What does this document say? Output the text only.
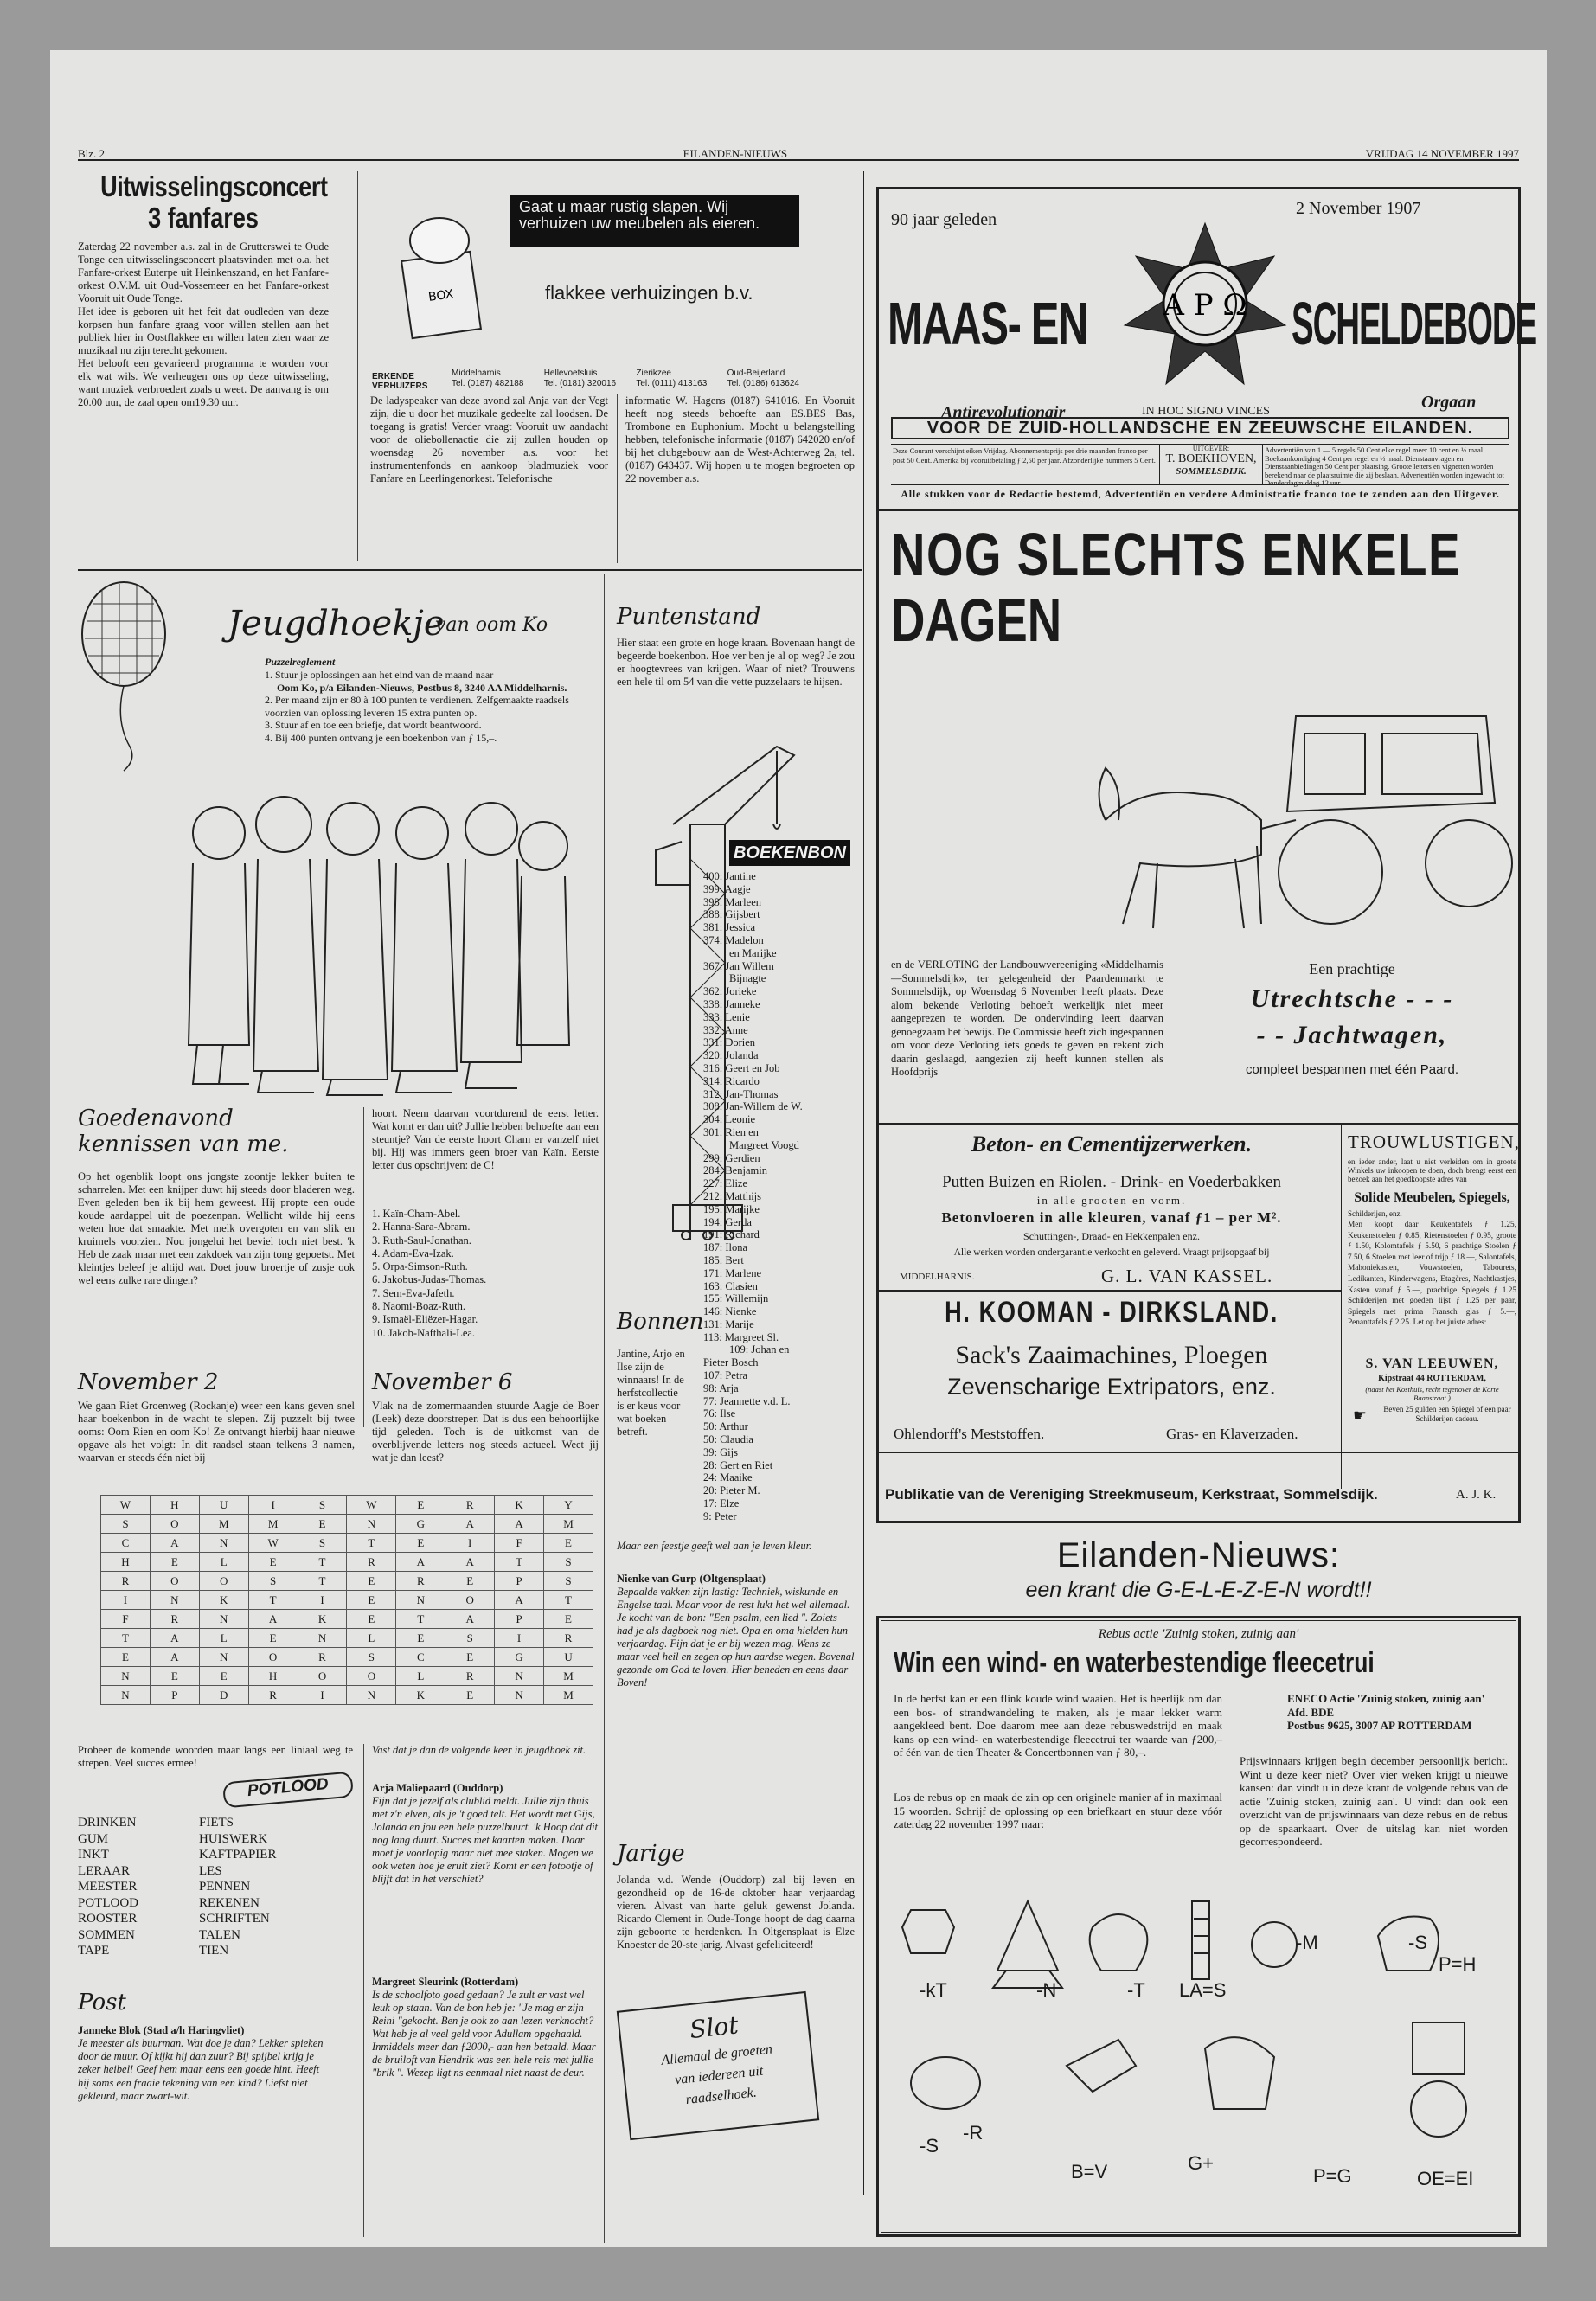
Blz. 2	EILANDEN-NIEUWS	VRIJDAG 14 NOVEMBER 1997
Uitwisselingsconcert
3 fanfares
Zaterdag 22 november a.s. zal in de Grutterswei te Oude Tonge een uitwisselingsconcert plaatsvinden met o.a. het Fanfare-orkest Euterpe uit Heinkenszand, en het Fanfare-orkest O.V.M. uit Oud-Vossemeer en het Fanfare-orkest Vooruit uit Oude Tonge.
Het idee is geboren uit het feit dat oudleden van deze korpsen hun fanfare graag voor willen stellen aan het publiek hier in Oostflakkee en willen laten zien waar ze muzikaal nu zijn terecht gekomen.
Het belooft een gevarieerd programma te worden voor elk wat wils. We verheugen ons op deze uitwisseling, want muziek verbroedert zoals u weet. De aanvang is om 20.00 uur, de zaal open om19.30 uur.
BOX
Gaat u maar rustig slapen. Wij verhuizen uw meubelen als eieren.
flakkee verhuizingen b.v.
ERKENDE VERHUIZERS
Middelharnis
Tel. (0187) 482188
Hellevoetsluis
Tel. (0181) 320016
Zierikzee
Tel. (0111) 413163
Oud-Beijerland
Tel. (0186) 613624
De ladyspeaker van deze avond zal Anja van der Vegt zijn, die u door het muzikale gedeelte zal loodsen. De toegang is gratis! Verder vraagt Vooruit uw aandacht voor de oliebollenactie die zij zullen houden op woensdag 26 november a.s. voor het instrumentenfonds en aankoop bladmuziek voor Fanfare en Leerlingenorkest. Telefonische
informatie W. Hagens (0187) 641016. En Vooruit heeft nog steeds behoefte aan ES.BES Bas, Trombone en Euphonium. Mocht u belangstelling hebben, telefonische informatie (0187) 642020 en/of bij het clubgebouw aan de West-Achterweg 2a, tel. (0187) 643437. Wij hopen u te mogen begroeten op 22 november a.s.
Jeugdhoekje
van oom Ko
Puzzelreglement
1. Stuur je oplossingen aan het eind van de maand naar
Oom Ko, p/a Eilanden-Nieuws, Postbus 8, 3240 AA Middelharnis.
2. Per maand zijn er 80 à 100 punten te verdienen. Zelfgemaakte raadsels voorzien van oplossing leveren 15 extra punten op.
3. Stuur af en toe een briefje, dat wordt beantwoord.
4. Bij 400 punten ontvang je een boekenbon van ƒ 15,–.
Puntenstand
Hier staat een grote en hoge kraan. Bovenaan hangt de begeerde boekenbon. Hoe ver ben je al op weg? Je zou er hoogtevrees van krijgen. Waar of niet? Trouwens een hele til om 54 van die vette puzzelaars te hijsen.
BOEKENBON
400: Jantine
399: Aagje
398: Marleen
388: Gijsbert
381: Jessica
374: Madelon
en Marijke
367: Jan Willem
Bijnagte
362: Jorieke
338: Janneke
333: Lenie
332: Anne
331: Dorien
320: Jolanda
316: Geert en Job
314: Ricardo
312: Jan-Thomas
308: Jan-Willem de W.
304: Leonie
301: Rien en
Margreet Voogd
299: Gerdien
284: Benjamin
227: Elize
212: Matthijs
195: Marijke
194: Gerda
191: Richard
187: Ilona
185: Bert
171: Marlene
163: Clasien
155: Willemijn
146: Nienke
131: Marije
113: Margreet Sl.
109: Johan en
Pieter Bosch
107: Petra
98: Arja
77: Jeannette v.d. L.
76: Ilse
50: Arthur
50: Claudia
39: Gijs
28: Gert en Riet
24: Maaike
20: Pieter M.
17: Elze
9: Peter
Maar een feestje geeft wel aan je leven kleur.
Goedenavond
kennissen van me.
Op het ogenblik loopt ons jongste zoontje lekker buiten te scharrelen. Met een knijper duwt hij steeds door bladeren weg. Even geleden ben ik bij hem geweest. Hij propte een oude koude aardappel uit de poezenpan. Wellicht wilde hij eens weten hoe dat smaakte. Met melk overgoten en van slik en kruimels voorzien. Nou jongelui het beviel toch niet best. 'k Heb de zaak maar met een zakdoek van zijn tong gepoetst. Met kleintjes beleef je altijd wat. Doet jouw broertje of zusje ook wel eens zulke rare dingen?
hoort. Neem daarvan voortdurend de eerst letter. Wat komt er dan uit? Jullie hebben behoefte aan een steuntje? Van de eerste hoort Cham er vanzelf niet bij. Hij was immers geen broer van Kaïn. Eerste letter dus opschrijven: de C!
1. Kaïn-Cham-Abel.
2. Hanna-Sara-Abram.
3. Ruth-Saul-Jonathan.
4. Adam-Eva-Izak.
5. Orpa-Simson-Ruth.
6. Jakobus-Judas-Thomas.
7. Sem-Eva-Jafeth.
8. Naomi-Boaz-Ruth.
9. Ismaël-Eliëzer-Hagar.
10. Jakob-Nafthali-Lea.
November 2
We gaan Riet Groenweg (Rockanje) weer een kans geven snel haar boekenbon in de wacht te slepen. Zij puzzelt bij twee ooms: Oom Rien en oom Ko! Ze ontvangt hierbij haar nieuwe opgave als het volgt: In dit raadsel staan telkens 3 namen, waarvan er steeds één niet bij
November 6
Vlak na de zomermaanden stuurde Aagje de Boer (Leek) deze doorstreper. Dat is dus een behoorlijke tijd geleden. Toch is de uitkomst van de overblijvende letters nog steeds actueel. Weet jij wat je dan leest?
W	H	U	I	S	W	E	R	K	Y
S	O	M	M	E	N	G	A	A	M
C	A	N	W	S	T	E	I	F	E
H	E	L	E	T	R	A	A	T	S
R	O	O	S	T	E	R	E	P	S
I	N	K	T	I	E	N	O	A	T
F	R	N	A	K	E	T	A	P	E
T	A	L	E	N	L	E	S	I	R
E	A	N	O	R	S	C	E	G	U
N	E	E	H	O	O	L	R	N	M
N	P	D	R	I	N	K	E	N	M
Probeer de komende woorden maar langs een liniaal weg te strepen. Veel succes ermee!
POTLOOD
DRINKEN
GUM
INKT
LERAAR
MEESTER
POTLOOD
ROOSTER
SOMMEN
TAPE
FIETS
HUISWERK
KAFTPAPIER
LES
PENNEN
REKENEN
SCHRIFTEN
TALEN
TIEN
Post
Janneke Blok (Stad a/h Haringvliet)
Je meester als buurman. Wat doe je dan? Lekker spieken door de muur. Of kijkt hij dan zuur? Bij spijbel krijg je zeker heibel! Geef hem maar eens een goede hint. Heeft hij soms een fraaie tekening van een kind? Liefst niet gekleurd, maar zwart-wit.
Vast dat je dan de volgende keer in jeugdhoek zit.
Arja Maliepaard (Ouddorp)
Fijn dat je jezelf als clublid meldt. Jullie zijn thuis met z'n elven, als je 't goed telt. Het wordt met Gijs, Jolanda en jou een hele puzzelbuurt. 'k Hoop dat dit nog lang duurt. Succes met kaarten maken. Daar moet je voorlopig maar niet mee staken. Mogen we ook weten hoe je eruit ziet? Komt er een fotootje of blijft dat in het verschiet?
Margreet Sleurink (Rotterdam)
Is de schoolfoto goed gedaan? Je zult er vast wel leuk op staan. Van de bon heb je: "Je mag er zijn Reini "gekocht. Ben je ook zo aan lezen verknocht? Wat heb je al veel geld voor Adullam opgehaald. Inmiddels meer dan ƒ2000,- aan hen betaald. Maar de bruiloft van Hendrik was een hele reis met jullie "brik ". Wezep ligt ns eenmaal niet naast de deur.
Bonnen
Jantine, Arjo en Ilse zijn de winnaars! In de herfstcollectie is er keus voor wat boeken betreft.
Nienke van Gurp (Oltgensplaat)
Bepaalde vakken zijn lastig: Techniek, wiskunde en Engelse taal. Maar voor de rest lukt het wel allemaal. Je kocht van de bon: "Een psalm, een lied ". Zoiets had je als dagboek nog niet. Opa en oma hielden hun verjaardag. Fijn dat je er bij wezen mag. Wens ze maar veel heil en zegen op hun aardse wegen. Bovenal gezonde om God te loven. Hier beneden en eens daar Boven!
Jarige
Jolanda v.d. Wende (Ouddorp) zal bij leven en gezondheid op de 16-de oktober haar verjaardag vieren. Alvast van harte geluk gewenst Jolanda. Ricardo Clement in Oude-Tonge hoopt de dag daarna zijn geboorte te herdenken. In Oltgensplaat is Elze Knoester de 20-ste jarig. Alvast gefeliciteerd!
Slot
Allemaal de groeten
van iedereen uit
raadselhoek.
90 jaar geleden
2 November 1907
A P Ω
MAAS- EN	SCHELDEBODE
Antirevolutionair
Orgaan
IN HOC SIGNO VINCES
VOOR DE ZUID-HOLLANDSCHE EN ZEEUWSCHE EILANDEN.
Deze Courant verschijnt eiken Vrijdag. Abonnementsprijs per drie maanden franco per post 50 Cent. Amerika bij vooruitbetaling ƒ 2,50 per jaar. Afzonderlijke nummers 5 Cent.
UITGEVER:
T. BOEKHOVEN,
SOMMELSDIJK.
Advertentiën van 1 — 5 regels 50 Cent elke regel meer 10 cent en ⅓ maal. Boekaankondiging 4 Cent per regel en ⅓ maal. Dienstaanvragen en Dienstaanbiedingen 50 Cent per plaatsing. Groote letters en vignetten worden berekend naar de plaatsruimte die zij beslaan. Advertentiën worden ingewacht tot Donderdagmiddag 12 uur.
Alle stukken voor de Redactie bestemd, Advertentiën en verdere Administratie franco toe te zenden aan den Uitgever.
NOG SLECHTS ENKELE
DAGEN
en de VERLOTING der Landbouwvereeniging «Middelharnis—Sommelsdijk», ter gelegenheid der Paardenmarkt te Sommelsdijk, op Woensdag 6 November heeft plaats. Deze alom bekende Verloting behoeft werkelijk niet meer aangeprezen te worden. De ondervinding leert daarvan genoegzaam het bewijs. De Commissie heeft zich ingespannen om voor deze Verloting iets goeds te geven en rekent zich daarin geslaagd, aangezien zij heeft kunnen stellen als Hoofdprijs
Een prachtige
Utrechtsche - - -
- - Jachtwagen,
compleet bespannen met één Paard.
Beton- en Cementijzerwerken.
Putten Buizen en Riolen. - Drink- en Voederbakken
in alle grooten en vorm.
Betonvloeren in alle kleuren, vanaf ƒ1 – per M².
Schuttingen-, Draad- en Hekkenpalen enz.
Alle werken worden ondergarantie verkocht en geleverd. Vraagt prijsopgaaf bij
MIDDELHARNIS.	G. L. VAN KASSEL.
TROUWLUSTIGEN,
en ieder ander, laat u niet verleiden om in groote Winkels uw inkoopen te doen, doch brengt eerst een bezoek aan het goedkoopste adres van
Solide Meubelen, Spiegels,
Schilderijen, enz.
Men koopt daar Keukentafels ƒ 1.25, Keukenstoelen ƒ 0.85, Rietenstoelen ƒ 0.95, groote ƒ 1.50, Kolomtafels ƒ 5.50, 6 prachtige Stoelen ƒ 7.50, 6 Stoelen met leer of trijp ƒ 18.—, Salontafels, Mahoniekasten, Vouwstoelen, Tabourets, Ledikanten, Kinderwagens, Etagères, Nachtkastjes, Kasten vanaf ƒ 5.—, prachtige Spiegels ƒ 1.25 Schilderijen met goeden lijst ƒ 1.25 per paar, Spiegels met prima Fransch glas ƒ 5.—, Penanttafels ƒ 2.25. Let op het juiste adres:
S. VAN LEEUWEN,
Kipstraat 44 ROTTERDAM,
(naast het Kosthuis, recht tegenover de Korte Baanstraat.)
Beven 25 gulden een Spiegel of een paar Schilderijen cadeau.
☛
H. KOOMAN - DIRKSLAND.
Sack's Zaaimachines, Ploegen
Zevenscharige Extripators, enz.
Ohlendorff's Meststoffen.	Gras- en Klaverzaden.
Publikatie van de Vereniging Streekmuseum, Kerkstraat, Sommelsdijk.	A. J. K.
Eilanden-Nieuws:
een krant die G-E-L-E-Z-E-N wordt!!
Rebus actie 'Zuinig stoken, zuinig aan'
Win een wind- en waterbestendige fleecetrui
In de herfst kan er een flink koude wind waaien. Het is heerlijk om dan een bos- of strandwandeling te maken, als je maar lekker warm aangekleed bent. Doe daarom mee aan deze rebuswedstrijd en maak kans op een wind- en waterbestendige fleecetrui ter waarde van ƒ200,– of één van de tien Theater & Concertbonnen van ƒ 80,–.
Los de rebus op en maak de zin op een originele manier af in maximaal 15 woorden. Schrijf de oplossing op een briefkaart en stuur deze vóór zaterdag 22 november 1997 naar:
ENECO Actie 'Zuinig stoken, zuinig aan'
Afd. BDE
Postbus 9625, 3007 AP ROTTERDAM
Prijswinnaars krijgen begin december persoonlijk bericht. Wint u deze keer niet? Over vier weken krijgt u nieuwe kansen: dan vindt u in deze krant de volgende rebus van de actie 'Zuinig stoken, zuinig aan'. U vindt dan ook een overzicht van de prijswinnaars van deze rebus en de rebus op de spaarkaart. Over de uitslag kan niet worden gecorrespondeerd.
-kT	-N	-T LA=S
-M	-S
P=H
-S
-R
B=V	G+
P=G	OE=EI
